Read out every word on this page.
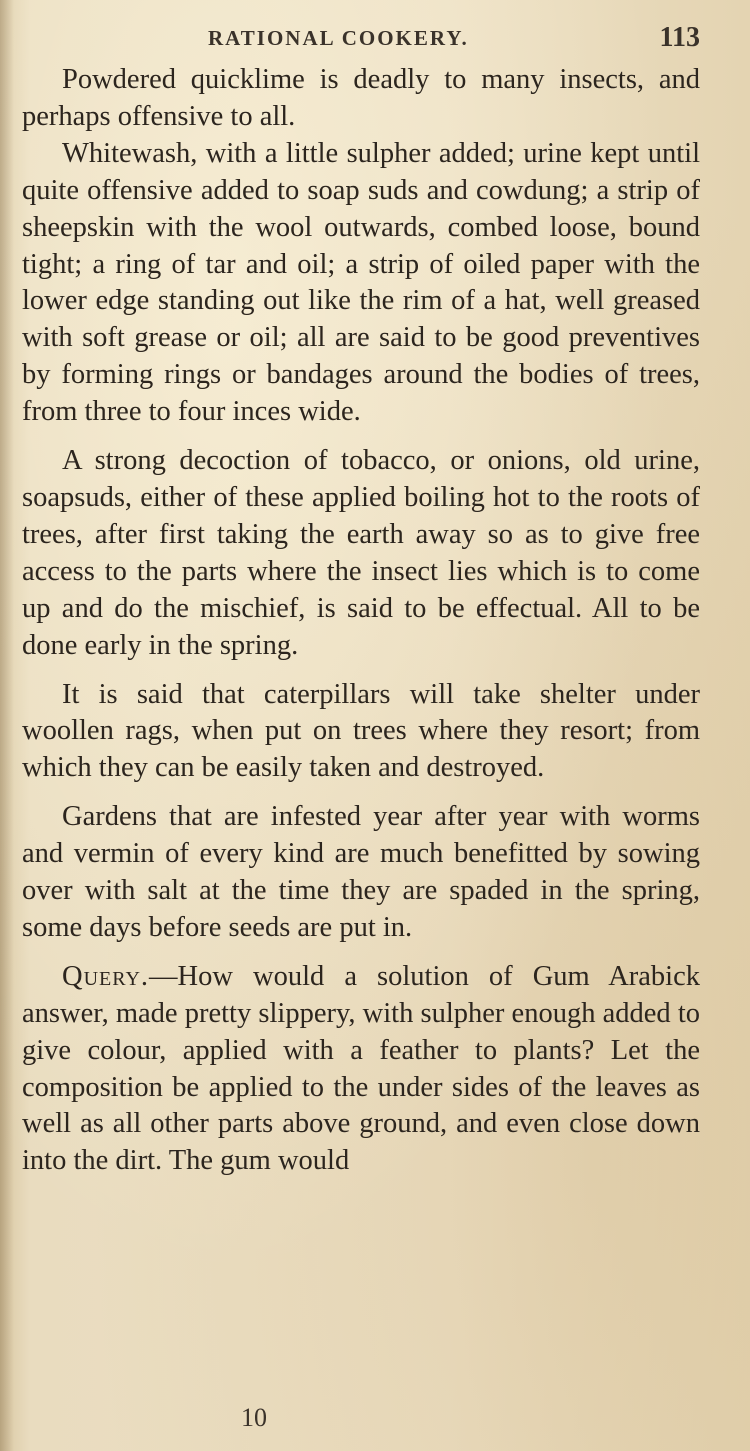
RATIONAL COOKERY.	113

Powdered quicklime is deadly to many insects, and perhaps offensive to all.

Whitewash, with a little sulpher added; urine kept until quite offensive added to soap suds and cowdung; a strip of sheepskin with the wool outwards, combed loose, bound tight; a ring of tar and oil; a strip of oiled paper with the lower edge standing out like the rim of a hat, well greased with soft grease or oil; all are said to be good preventives by forming rings or bandages around the bodies of trees, from three to four inces wide.

A strong decoction of tobacco, or onions, old urine, soapsuds, either of these applied boiling hot to the roots of trees, after first taking the earth away so as to give free access to the parts where the insect lies which is to come up and do the mischief, is said to be effectual. All to be done early in the spring.

It is said that caterpillars will take shelter under woollen rags, when put on trees where they resort; from which they can be easily taken and destroyed.

Gardens that are infested year after year with worms and vermin of every kind are much benefitted by sowing over with salt at the time they are spaded in the spring, some days before seeds are put in.

Query.—How would a solution of Gum Arabick answer, made pretty slippery, with sulpher enough added to give colour, applied with a feather to plants? Let the composition be applied to the under sides of the leaves as well as all other parts above ground, and even close down into the dirt. The gum would

10
